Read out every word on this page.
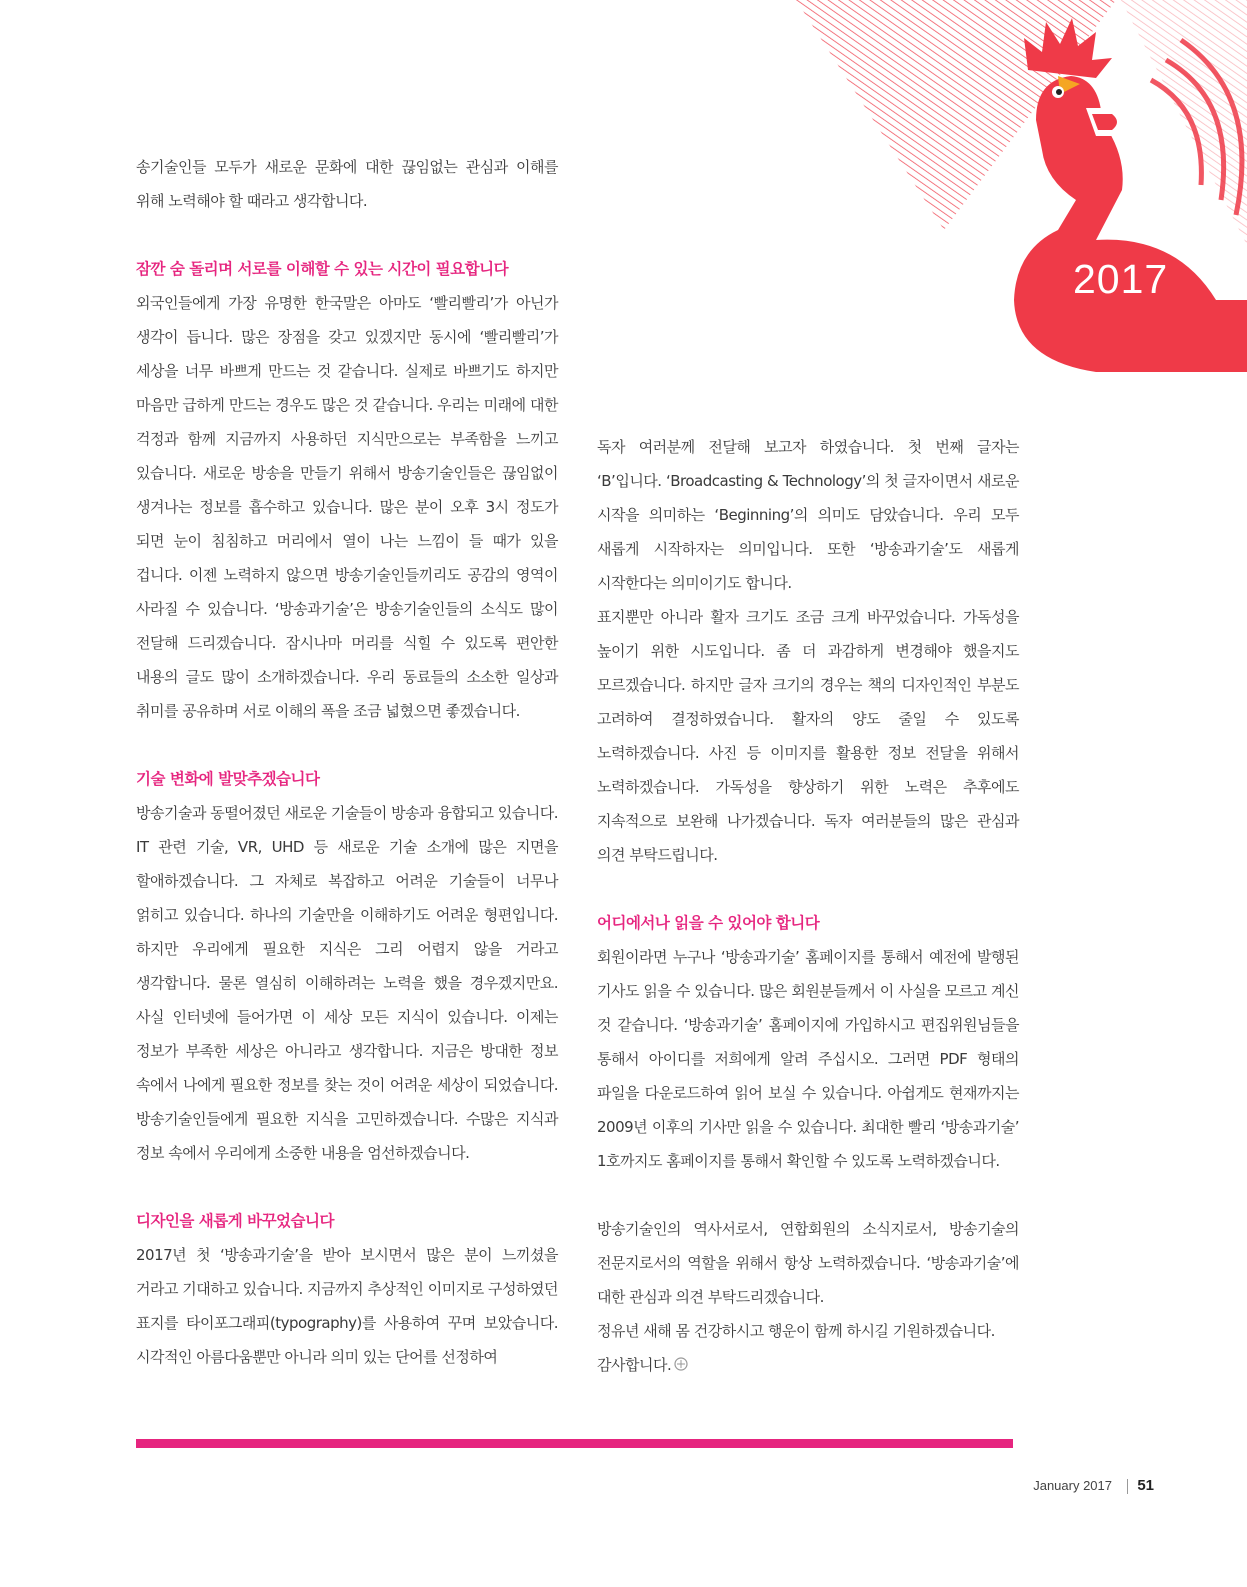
2017

송기술인들 모두가 새로운 문화에 대한 끊임없는 관심과 이해를 위해 노력해야 할 때라고 생각합니다.

잠깐 숨 돌리며 서로를 이해할 수 있는 시간이 필요합니다

외국인들에게 가장 유명한 한국말은 아마도 ‘빨리빨리’가 아닌가 생각이 듭니다. 많은 장점을 갖고 있겠지만 동시에 ‘빨리빨리’가 세상을 너무 바쁘게 만드는 것 같습니다. 실제로 바쁘기도 하지만 마음만 급하게 만드는 경우도 많은 것 같습니다. 우리는 미래에 대한 걱정과 함께 지금까지 사용하던 지식만으로는 부족함을 느끼고 있습니다. 새로운 방송을 만들기 위해서 방송기술인들은 끊임없이 생겨나는 정보를 흡수하고 있습니다. 많은 분이 오후 3시 정도가 되면 눈이 침침하고 머리에서 열이 나는 느낌이 들 때가 있을 겁니다. 이젠 노력하지 않으면 방송기술인들끼리도 공감의 영역이 사라질 수 있습니다. ‘방송과기술’은 방송기술인들의 소식도 많이 전달해 드리겠습니다. 잠시나마 머리를 식힐 수 있도록 편안한 내용의 글도 많이 소개하겠습니다. 우리 동료들의 소소한 일상과 취미를 공유하며 서로 이해의 폭을 조금 넓혔으면 좋겠습니다.

기술 변화에 발맞추겠습니다

방송기술과 동떨어졌던 새로운 기술들이 방송과 융합되고 있습니다. IT 관련 기술, VR, UHD 등 새로운 기술 소개에 많은 지면을 할애하겠습니다. 그 자체로 복잡하고 어려운 기술들이 너무나 얽히고 있습니다. 하나의 기술만을 이해하기도 어려운 형편입니다. 하지만 우리에게 필요한 지식은 그리 어렵지 않을 거라고 생각합니다. 물론 열심히 이해하려는 노력을 했을 경우겠지만요. 사실 인터넷에 들어가면 이 세상 모든 지식이 있습니다. 이제는 정보가 부족한 세상은 아니라고 생각합니다. 지금은 방대한 정보 속에서 나에게 필요한 정보를 찾는 것이 어려운 세상이 되었습니다. 방송기술인들에게 필요한 지식을 고민하겠습니다. 수많은 지식과 정보 속에서 우리에게 소중한 내용을 엄선하겠습니다.

디자인을 새롭게 바꾸었습니다

2017년 첫 ‘방송과기술’을 받아 보시면서 많은 분이 느끼셨을 거라고 기대하고 있습니다. 지금까지 추상적인 이미지로 구성하였던 표지를 타이포그래피(typography)를 사용하여 꾸며 보았습니다. 시각적인 아름다움뿐만 아니라 의미 있는 단어를 선정하여

독자 여러분께 전달해 보고자 하였습니다. 첫 번째 글자는 ‘B’입니다. ‘Broadcasting & Technology’의 첫 글자이면서 새로운 시작을 의미하는 ‘Beginning’의 의미도 담았습니다. 우리 모두 새롭게 시작하자는 의미입니다. 또한 ‘방송과기술’도 새롭게 시작한다는 의미이기도 합니다.

표지뿐만 아니라 활자 크기도 조금 크게 바꾸었습니다. 가독성을 높이기 위한 시도입니다. 좀 더 과감하게 변경해야 했을지도 모르겠습니다. 하지만 글자 크기의 경우는 책의 디자인적인 부분도 고려하여 결정하였습니다. 활자의 양도 줄일 수 있도록 노력하겠습니다. 사진 등 이미지를 활용한 정보 전달을 위해서 노력하겠습니다. 가독성을 향상하기 위한 노력은 추후에도 지속적으로 보완해 나가겠습니다. 독자 여러분들의 많은 관심과 의견 부탁드립니다.

어디에서나 읽을 수 있어야 합니다

회원이라면 누구나 ‘방송과기술’ 홈페이지를 통해서 예전에 발행된 기사도 읽을 수 있습니다. 많은 회원분들께서 이 사실을 모르고 계신 것 같습니다. ‘방송과기술’ 홈페이지에 가입하시고 편집위원님들을 통해서 아이디를 저희에게 알려 주십시오. 그러면 PDF 형태의 파일을 다운로드하여 읽어 보실 수 있습니다. 아쉽게도 현재까지는 2009년 이후의 기사만 읽을 수 있습니다. 최대한 빨리 ‘방송과기술’ 1호까지도 홈페이지를 통해서 확인할 수 있도록 노력하겠습니다.

방송기술인의 역사서로서, 연합회원의 소식지로서, 방송기술의 전문지로서의 역할을 위해서 항상 노력하겠습니다. ‘방송과기술’에 대한 관심과 의견 부탁드리겠습니다.

정유년 새해 몸 건강하시고 행운이 함께 하시길 기원하겠습니다.

감사합니다.

January 2017 51
